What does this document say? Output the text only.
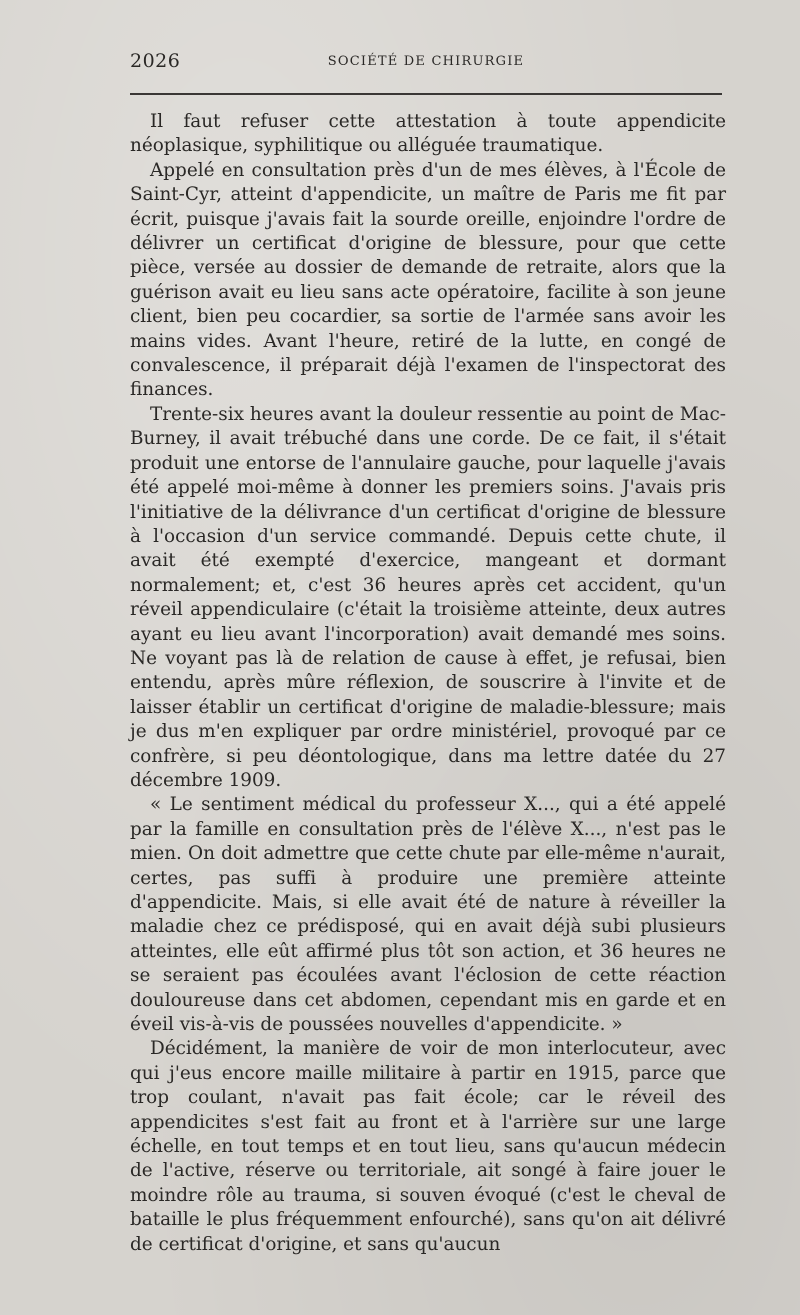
2026	SOCIÉTÉ DE CHIRURGIE

Il faut refuser cette attestation à toute appendicite néoplasique, syphilitique ou alléguée traumatique.

Appelé en consultation près d'un de mes élèves, à l'École de Saint-Cyr, atteint d'appendicite, un maître de Paris me fit par écrit, puisque j'avais fait la sourde oreille, enjoindre l'ordre de délivrer un certificat d'origine de blessure, pour que cette pièce, versée au dossier de demande de retraite, alors que la guérison avait eu lieu sans acte opératoire, facilite à son jeune client, bien peu cocardier, sa sortie de l'armée sans avoir les mains vides. Avant l'heure, retiré de la lutte, en congé de convalescence, il préparait déjà l'examen de l'inspectorat des finances.

Trente-six heures avant la douleur ressentie au point de Mac-Burney, il avait trébuché dans une corde. De ce fait, il s'était produit une entorse de l'annulaire gauche, pour laquelle j'avais été appelé moi-même à donner les premiers soins. J'avais pris l'initiative de la délivrance d'un certificat d'origine de blessure à l'occasion d'un service commandé. Depuis cette chute, il avait été exempté d'exercice, mangeant et dormant normalement; et, c'est 36 heures après cet accident, qu'un réveil appendiculaire (c'était la troisième atteinte, deux autres ayant eu lieu avant l'incorporation) avait demandé mes soins. Ne voyant pas là de relation de cause à effet, je refusai, bien entendu, après mûre réflexion, de souscrire à l'invite et de laisser établir un certificat d'origine de maladie-blessure; mais je dus m'en expliquer par ordre ministériel, provoqué par ce confrère, si peu déontologique, dans ma lettre datée du 27 décembre 1909.

« Le sentiment médical du professeur X..., qui a été appelé par la famille en consultation près de l'élève X..., n'est pas le mien. On doit admettre que cette chute par elle-même n'aurait, certes, pas suffi à produire une première atteinte d'appendicite. Mais, si elle avait été de nature à réveiller la maladie chez ce prédisposé, qui en avait déjà subi plusieurs atteintes, elle eût affirmé plus tôt son action, et 36 heures ne se seraient pas écoulées avant l'éclosion de cette réaction douloureuse dans cet abdomen, cependant mis en garde et en éveil vis-à-vis de poussées nouvelles d'appendicite. »

Décidément, la manière de voir de mon interlocuteur, avec qui j'eus encore maille militaire à partir en 1915, parce que trop coulant, n'avait pas fait école; car le réveil des appendicites s'est fait au front et à l'arrière sur une large échelle, en tout temps et en tout lieu, sans qu'aucun médecin de l'active, réserve ou territoriale, ait songé à faire jouer le moindre rôle au trauma, si souven évoqué (c'est le cheval de bataille le plus fréquemment enfourché), sans qu'on ait délivré de certificat d'origine, et sans qu'aucun
